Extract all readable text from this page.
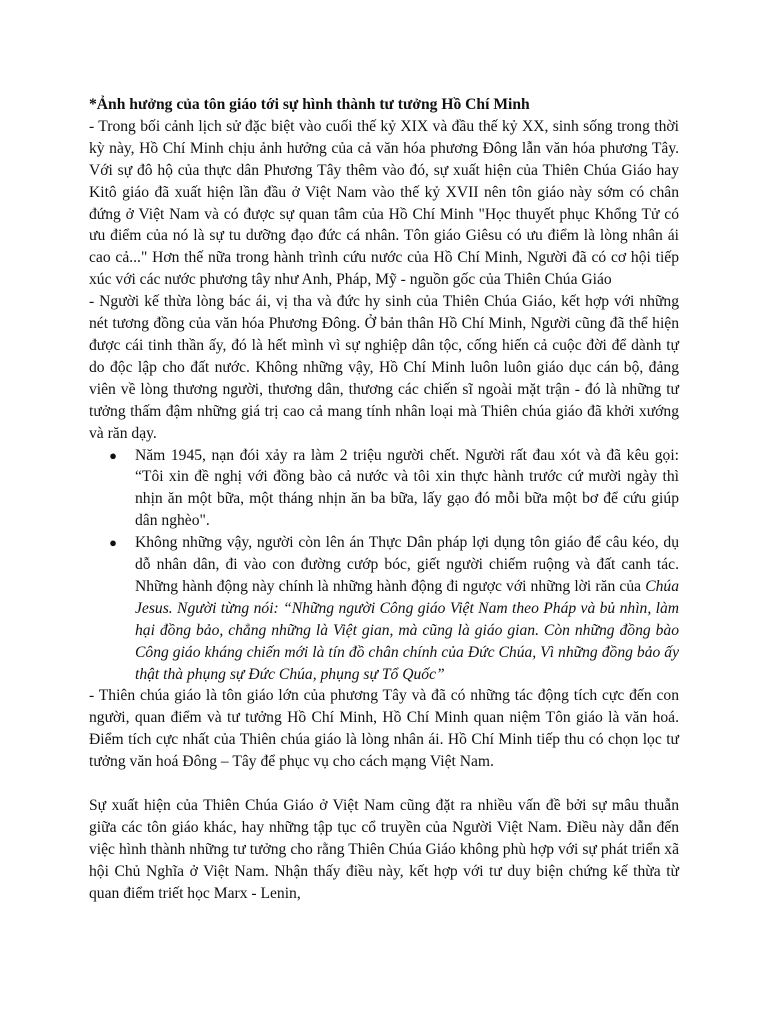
*Ảnh hưởng của tôn giáo tới sự hình thành tư tưởng Hồ Chí Minh

- Trong bối cảnh lịch sử đặc biệt vào cuối thế kỷ XIX và đầu thế kỷ XX, sinh sống trong thời kỳ này, Hồ Chí Minh chịu ảnh hưởng của cả văn hóa phương Đông lẫn văn hóa phương Tây. Với sự đô hộ của thực dân Phương Tây thêm vào đó, sự xuất hiện của Thiên Chúa Giáo hay Kitô giáo đã xuất hiện lần đầu ở Việt Nam vào thế kỷ XVII nên tôn giáo này sớm có chân đứng ở Việt Nam và có được sự quan tâm của Hồ Chí Minh "Học thuyết phục Khổng Tử có ưu điểm của nó là sự tu dưỡng đạo đức cá nhân. Tôn giáo Giêsu có ưu điểm là lòng nhân ái cao cả..." Hơn thế nữa trong hành trình cứu nước của Hồ Chí Minh, Người đã có cơ hội tiếp xúc với các nước phương tây như Anh, Pháp, Mỹ - nguồn gốc của Thiên Chúa Giáo

- Người kế thừa lòng bác ái, vị tha và đức hy sinh của Thiên Chúa Giáo, kết hợp với những nét tương đồng của văn hóa Phương Đông. Ở bản thân Hồ Chí Minh, Người cũng đã thể hiện được cái tinh thần ấy, đó là hết mình vì sự nghiệp dân tộc, cống hiến cả cuộc đời để dành tự do độc lập cho đất nước. Không những vậy, Hồ Chí Minh luôn luôn giáo dục cán bộ, đảng viên về lòng thương người, thương dân, thương các chiến sĩ ngoài mặt trận - đó là những tư tưởng thấm đậm những giá trị cao cả mang tính nhân loại mà Thiên chúa giáo đã khởi xướng và răn dạy.

● Năm 1945, nạn đói xảy ra làm 2 triệu người chết. Người rất đau xót và đã kêu gọi: “Tôi xin đề nghị với đồng bào cả nước và tôi xin thực hành trước cứ mười ngày thì nhịn ăn một bữa, một tháng nhịn ăn ba bữa, lấy gạo đó mỗi bữa một bơ để cứu giúp dân nghèo".
● Không những vậy, người còn lên án Thực Dân pháp lợi dụng tôn giáo để câu kéo, dụ dỗ nhân dân, đi vào con đường cướp bóc, giết người chiếm ruộng và đất canh tác. Những hành động này chính là những hành động đi ngược với những lời răn của Chúa Jesus. Người từng nói: “Những người Công giáo Việt Nam theo Pháp và bủ nhìn, làm hại đồng bảo, chẳng những là Việt gian, mà cũng là giáo gian. Còn những đồng bào Công giáo kháng chiến mới là tín đồ chân chính của Đức Chúa, Vì những đồng bảo ấy thật thà phụng sự Đức Chúa, phụng sự Tổ Quốc”

- Thiên chúa giáo là tôn giáo lớn của phương Tây và đã có những tác động tích cực đến con người, quan điểm và tư tưởng Hồ Chí Minh, Hồ Chí Minh quan niệm Tôn giáo là văn hoá. Điểm tích cực nhất của Thiên chúa giáo là lòng nhân ái. Hồ Chí Minh tiếp thu có chọn lọc tư tưởng văn hoá Đông – Tây để phục vụ cho cách mạng Việt Nam.

Sự xuất hiện của Thiên Chúa Giáo ở Việt Nam cũng đặt ra nhiều vấn đề bởi sự mâu thuẫn giữa các tôn giáo khác, hay những tập tục cổ truyền của Người Việt Nam. Điều này dẫn đến việc hình thành những tư tưởng cho rằng Thiên Chúa Giáo không phù hợp với sự phát triển xã hội Chủ Nghĩa ở Việt Nam. Nhận thấy điều này, kết hợp với tư duy biện chứng kế thừa từ quan điểm triết học Marx - Lenin,
